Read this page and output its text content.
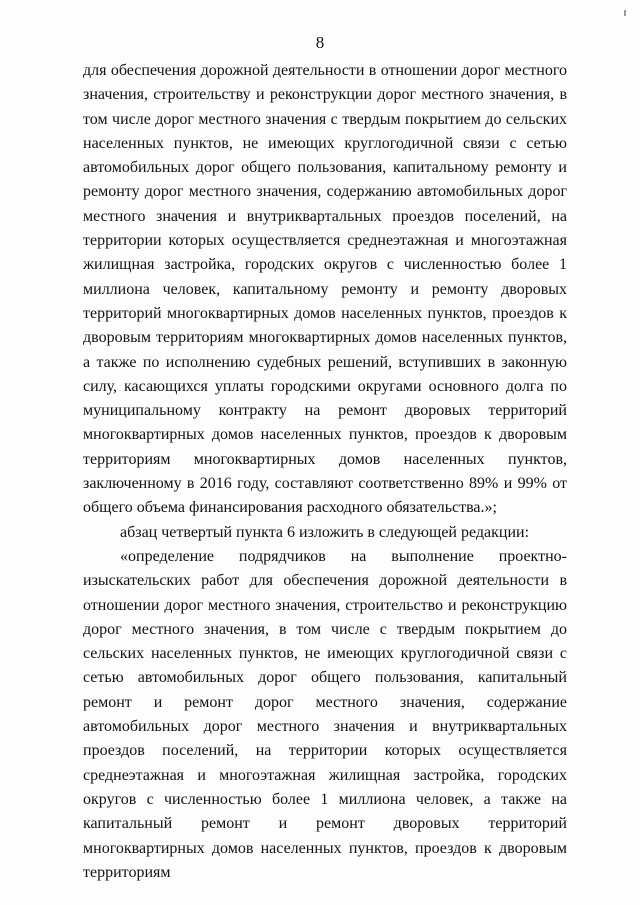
8

для обеспечения дорожной деятельности в отношении дорог местного значения, строительству и реконструкции дорог местного значения, в том числе дорог местного значения с твердым покрытием до сельских населенных пунктов, не имеющих круглогодичной связи с сетью автомобильных дорог общего пользования, капитальному ремонту и ремонту дорог местного значения, содержанию автомобильных дорог местного значения и внутриквартальных проездов поселений, на территории которых осуществляется среднеэтажная и многоэтажная жилищная застройка, городских округов с численностью более 1 миллиона человек, капитальному ремонту и ремонту дворовых территорий многоквартирных домов населенных пунктов, проездов к дворовым территориям многоквартирных домов населенных пунктов, а также по исполнению судебных решений, вступивших в законную силу, касающихся уплаты городскими округами основного долга по муниципальному контракту на ремонт дворовых территорий многоквартирных домов населенных пунктов, проездов к дворовым территориям многоквартирных домов населенных пунктов, заключенному в 2016 году, составляют соответственно 89% и 99% от общего объема финансирования расходного обязательства.»;

абзац четвертый пункта 6 изложить в следующей редакции:

«определение подрядчиков на выполнение проектно-изыскательских работ для обеспечения дорожной деятельности в отношении дорог местного значения, строительство и реконструкцию дорог местного значения, в том числе с твердым покрытием до сельских населенных пунктов, не имеющих круглогодичной связи с сетью автомобильных дорог общего пользования, капитальный ремонт и ремонт дорог местного значения, содержание автомобильных дорог местного значения и внутриквартальных проездов поселений, на территории которых осуществляется среднеэтажная и многоэтажная жилищная застройка, городских округов с численностью более 1 миллиона человек, а также на капитальный ремонт и ремонт дворовых территорий многоквартирных домов населенных пунктов, проездов к дворовым территориям
